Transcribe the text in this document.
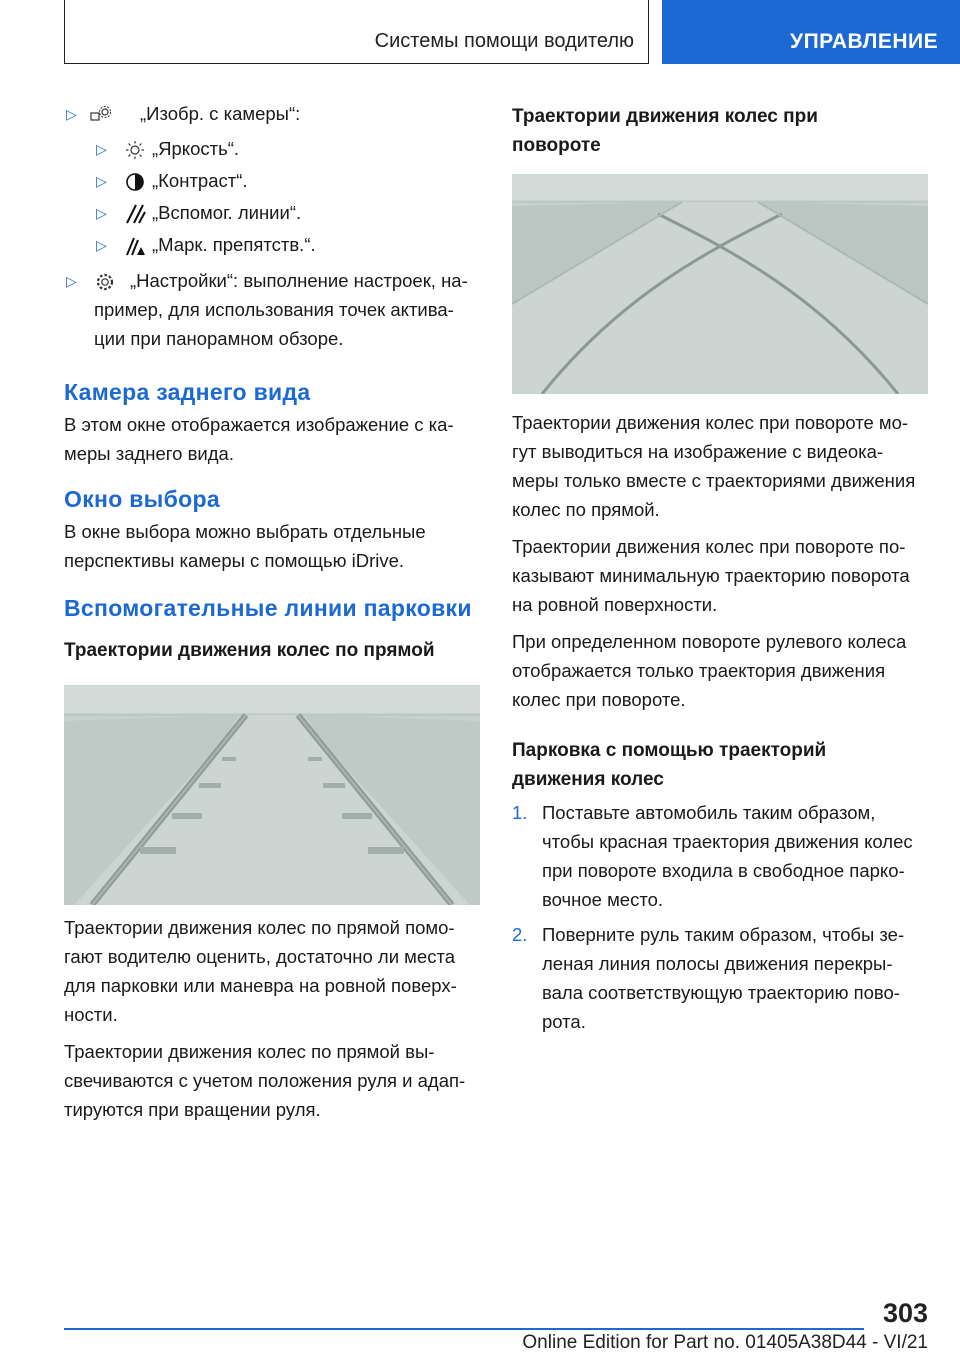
Системы помощи водителю	УПРАВЛЕНИЕ
▷	„Изобр. с камеры“:
▷ „Яркость“.
▷ „Контраст“.
▷ „Вспомог. линии“.
▷ „Марк. препятств.“.
▷	„Настройки“: выполнение настроек, на-
пример, для использования точек актива-
ции при панорамном обзоре.
Камера заднего вида

В этом окне отображается изображение с ка-

меры заднего вида.

Окно выбора

В окне выбора можно выбрать отдельные

перспективы камеры с помощью iDrive.

Вспомогательные линии парковки
Траектории движения колес по прямой

Траектории движения колес по прямой помо-

гают водителю оценить, достаточно ли места

для парковки или маневра на ровной поверх-

ности.

Траектории движения колес по прямой вы-

свечиваются с учетом положения руля и адап-

тируются при вращении руля.

Траектории движения колес при
повороте

Траектории движения колес при повороте мо-

гут выводиться на изображение с видеока-

меры только вместе с траекториями движения

колес по прямой.

Траектории движения колес при повороте по-

казывают минимальную траекторию поворота

на ровной поверхности.

При определенном повороте рулевого колеса

отображается только траектория движения

колес при повороте.

Парковка с помощью траекторий
движения колес
1. Поставьте автомобиль таким образом,
чтобы красная траектория движения колес
при повороте входила в свободное парко-
вочное место.
2. Поверните руль таким образом, чтобы зе-
леная линия полосы движения перекры-
вала соответствующую траекторию пово-
рота.
303
Online Edition for Part no. 01405A38D44 - VI/21
